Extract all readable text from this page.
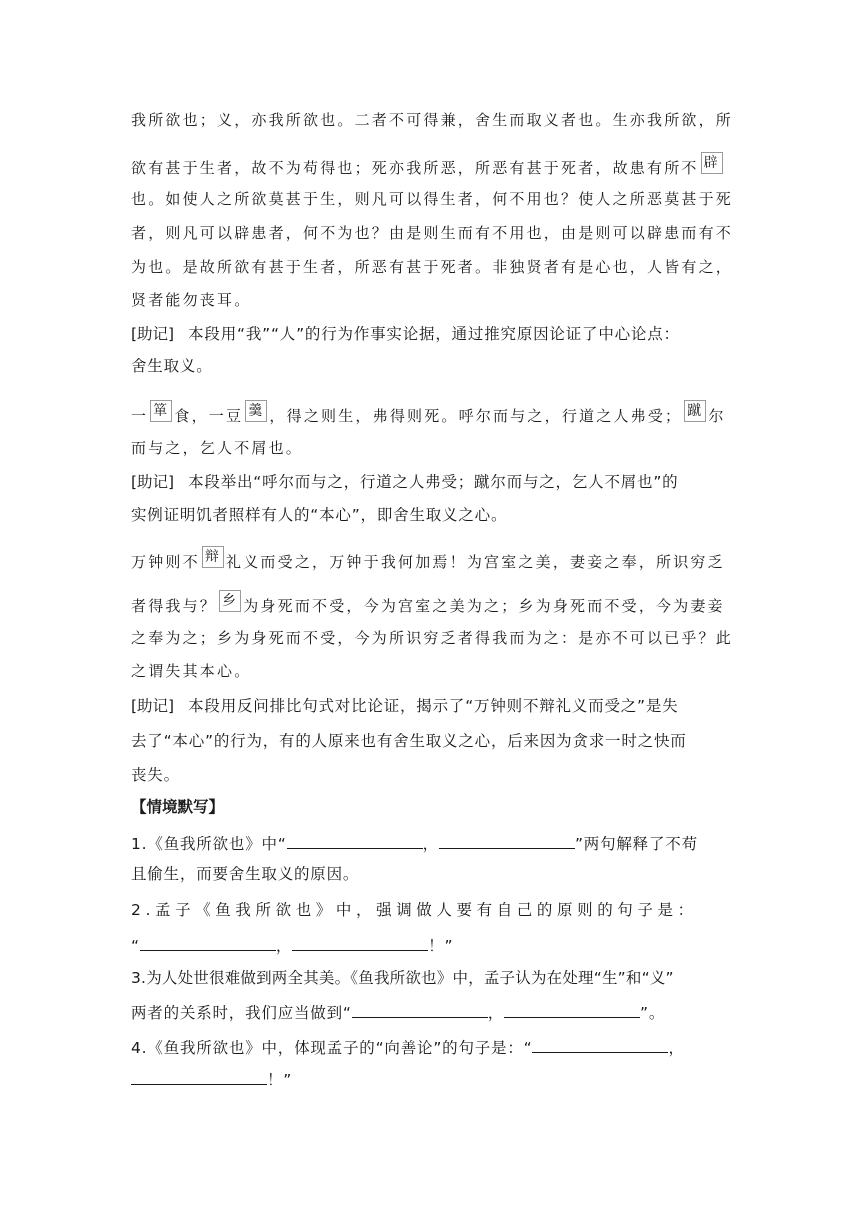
我所欲也；义，亦我所欲也。二者不可得兼，舍生而取义者也。生亦我所欲，所
欲有甚于生者，故不为苟得也；死亦我所恶，所恶有甚于死者，故患有所不 辟
也。如使人之所欲莫甚于生，则凡可以得生者，何不用也？使人之所恶莫甚于死
者，则凡可以辟患者，何不为也？由是则生而有不用也，由是则可以辟患而有不
为也。是故所欲有甚于生者，所恶有甚于死者。非独贤者有是心也，人皆有之，
贤者能勿丧耳。
[助记] 本段用“我”“人”的行为作事实论据，通过推究原因论证了中心论点：
舍生取义。
一 箪 食，一豆 羹 ，得之则生，弗得则死。呼尔而与之，行道之人弗受； 蹴 尔
而与之，乞人不屑也。
[助记] 本段举出“呼尔而与之，行道之人弗受；蹴尔而与之，乞人不屑也”的
实例证明饥者照样有人的“本心”，即舍生取义之心。
万钟则不 辩 礼义而受之，万钟于我何加焉！为宫室之美，妻妾之奉，所识穷乏
者得我与？ 乡 为身死而不受，今为宫室之美为之；乡为身死而不受，今为妻妾
之奉为之；乡为身死而不受，今为所识穷乏者得我而为之：是亦不可以已乎？此
之谓失其本心。
[助记] 本段用反问排比句式对比论证，揭示了“万钟则不辩礼义而受之”是失
去了“本心”的行为，有的人原来也有舍生取义之心，后来因为贪求一时之快而
丧失。
【情境默写】
1.《鱼我所欲也》中“	，	”两句解释了不苟
且偷生，而要舍生取义的原因。
2.孟子《鱼我所欲也》中，强调做人要有自己的原则的句子是：
“	，	！”
3.为人处世很难做到两全其美。《鱼我所欲也》中，孟子认为在处理“生”和“义”
两者的关系时，我们应当做到“	，	”。
4.《鱼我所欲也》中，体现孟子的“向善论”的句子是：“	，
！”
